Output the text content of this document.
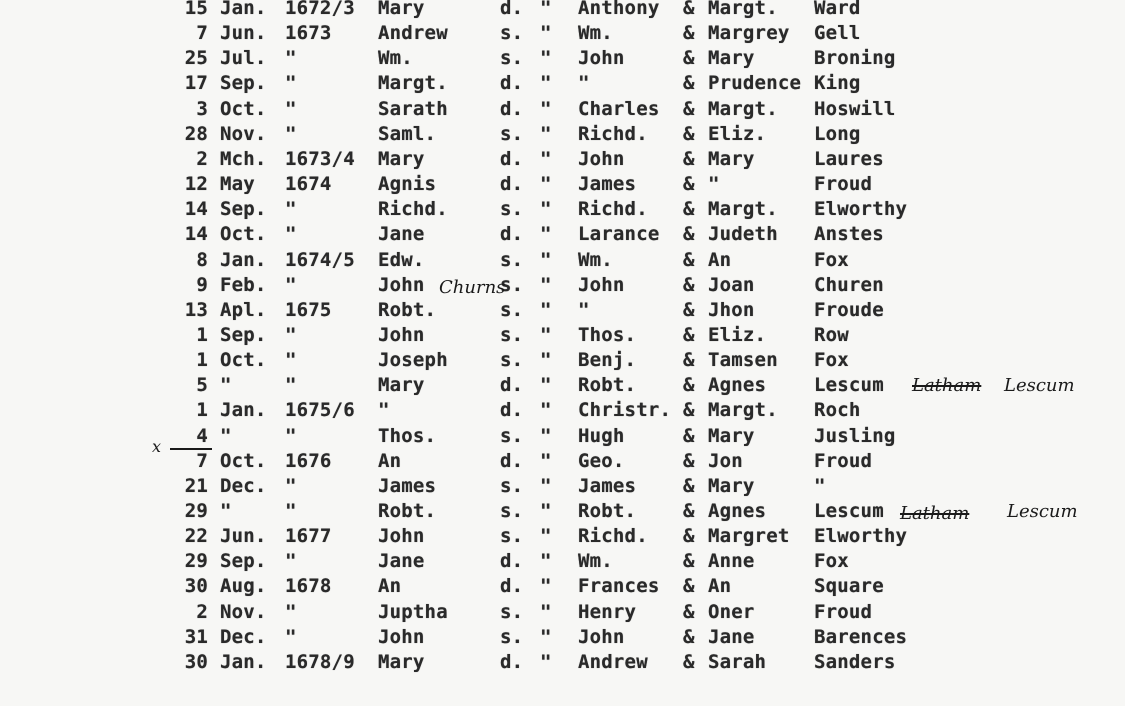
15 Jan. 1672/3 Mary	d. " Anthony & Margt. Ward
7 Jun. 1673 Andrew	s. " Wm.	& Margrey Gell
25 Jul. "	Wm.	s. " John	& Mary	Broning
17 Sep. "	Margt.	d. " "	& Prudence King
3 Oct. "	Sarath	d. " Charles & Margt. Hoswill
28 Nov. "	Saml.	s. " Richd. & Eliz.	Long
2 Mch. 1673/4 Mary	d. " John	& Mary	Laures
12 May 1674 Agnis	d. " James & "	Froud
14 Sep. "	Richd.	s. " Richd. & Margt. Elworthy
14 Oct. "	Jane	d. " Larance & Judeth Anstes
8 Jan. 1674/5 Edw.	s. " Wm.	& An	Fox
9 Feb. "	John	s. " John	& Joan	Churen
13 Apl. 1675 Robt.	s. " "	& Jhon	Froude
1 Sep. "	John	s. " Thos. & Eliz.	Row
1 Oct. "	Joseph	s. " Benj. & Tamsen Fox
5 "	"	Mary	d. " Robt. & Agnes	Lescum
1 Jan. 1675/6 "	d. " Christr. & Margt. Roch
4 "	"	Thos.	s. " Hugh	& Mary	Jusling
7 Oct. 1676 An	d. " Geo.	& Jon	Froud
21 Dec. "	James	s. " James & Mary	"
29 "	"	Robt.	s. " Robt. & Agnes	Lescum
22 Jun. 1677 John	s. " Richd. & Margret Elworthy
29 Sep. "	Jane	d. " Wm.	& Anne	Fox
30 Aug. 1678 An	d. " Frances & An	Square
2 Nov. "	Juptha	s. " Henry & Oner	Froud
31 Dec. "	John	s. " John	& Jane	Barences
30 Jan. 1678/9 Mary	d. " Andrew & Sarah	Sanders
Churns
Latham Lescum
Latham Lescum
x
